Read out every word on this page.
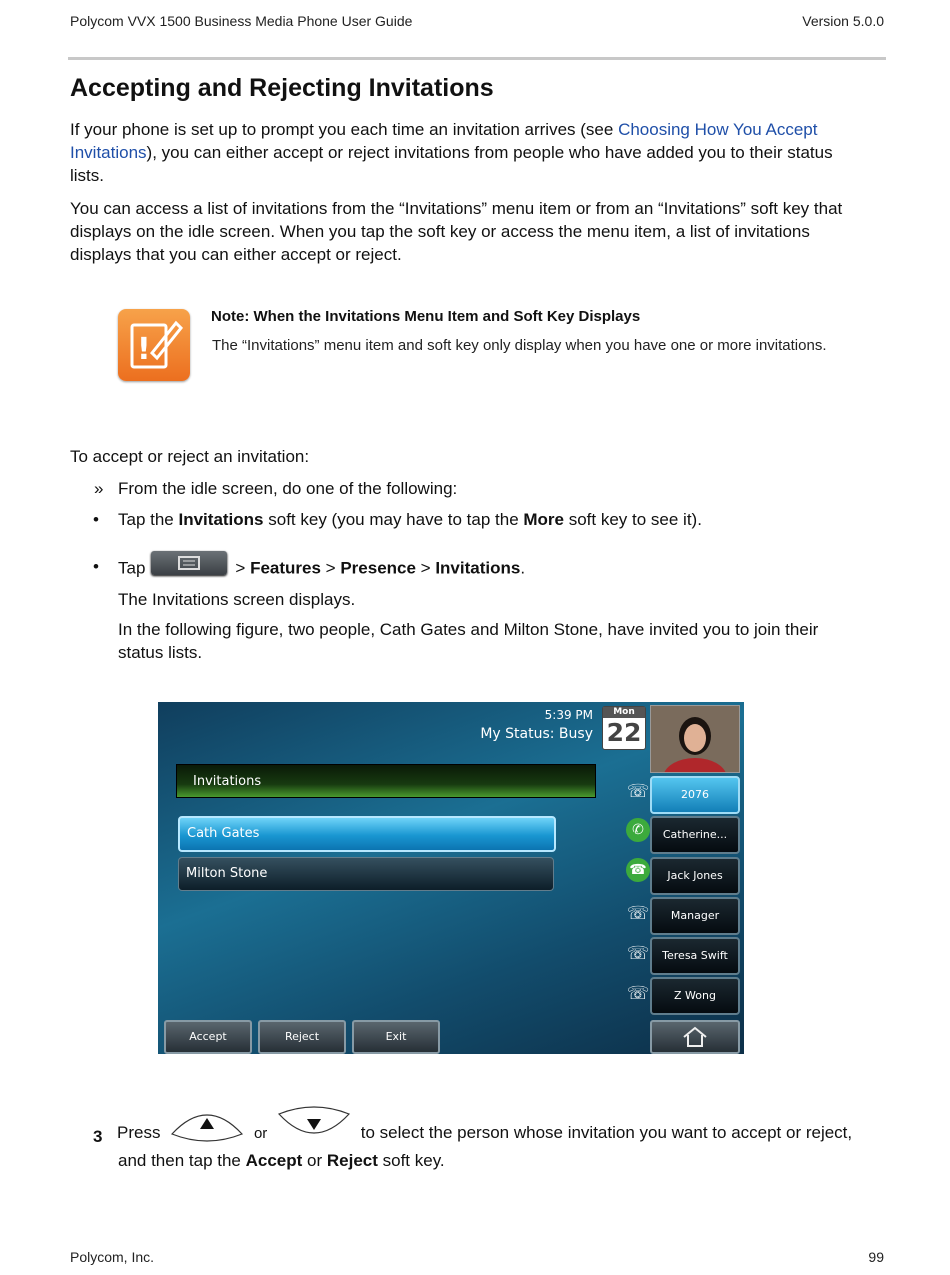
Polycom VVX 1500 Business Media Phone User Guide	Version 5.0.0
Accepting and Rejecting Invitations
If your phone is set up to prompt you each time an invitation arrives (see Choosing How You Accept Invitations), you can either accept or reject invitations from people who have added you to their status lists.
You can access a list of invitations from the “Invitations” menu item or from an “Invitations” soft key that displays on the idle screen. When you tap the soft key or access the menu item, a list of invitations displays that you can either accept or reject.
!
Note: When the Invitations Menu Item and Soft Key Displays
The “Invitations” menu item and soft key only display when you have one or more invitations.
To accept or reject an invitation:
» From the idle screen, do one of the following:
• Tap the Invitations soft key (you may have to tap the More soft key to see it).
• Tap	> Features > Presence > Invitations.
The Invitations screen displays.
In the following figure, two people, Cath Gates and Milton Stone, have invited you to join their status lists.
5:39 PM
My Status: Busy
Mon
22
Invitations
Cath Gates
Milton Stone
☏	2076
✆	Catherine...
☎	Jack Jones
☏	Manager
☏	Teresa Swift
☏	Z Wong
Accept	Reject	Exit
3 Press	or	to select the person whose invitation you want to accept or reject,
and then tap the Accept or Reject soft key.
Polycom, Inc.	99
